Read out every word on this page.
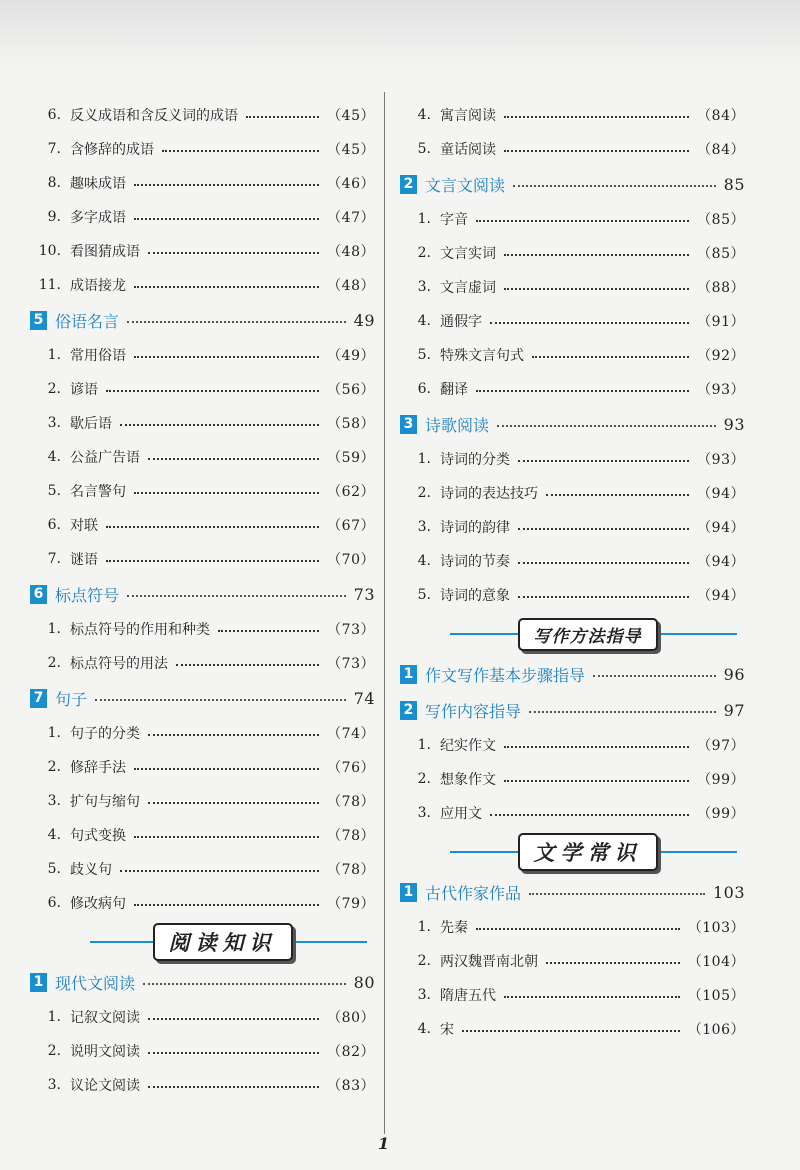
6. 反义成语和含反义词的成语	（45）
7. 含修辞的成语	（45）
8. 趣味成语	（46）
9. 多字成语	（47）
10. 看图猜成语	（48）
11. 成语接龙	（48）
5 俗语名言	49
1. 常用俗语	（49）
2. 谚语	（56）
3. 歇后语	（58）
4. 公益广告语	（59）
5. 名言警句	（62）
6. 对联	（67）
7. 谜语	（70）
6 标点符号	73
1. 标点符号的作用和种类	（73）
2. 标点符号的用法	（73）
7 句子	74
1. 句子的分类	（74）
2. 修辞手法	（76）
3. 扩句与缩句	（78）
4. 句式变换	（78）
5. 歧义句	（78）
6. 修改病句	（79）
阅读知识
1 现代文阅读	80
1. 记叙文阅读	（80）
2. 说明文阅读	（82）
3. 议论文阅读	（83）
4. 寓言阅读	（84）
5. 童话阅读	（84）
2 文言文阅读	85
1. 字音	（85）
2. 文言实词	（85）
3. 文言虚词	（88）
4. 通假字	（91）
5. 特殊文言句式	（92）
6. 翻译	（93）
3 诗歌阅读	93
1. 诗词的分类	（93）
2. 诗词的表达技巧	（94）
3. 诗词的韵律	（94）
4. 诗词的节奏	（94）
5. 诗词的意象	（94）
写作方法指导
1 作文写作基本步骤指导	96
2 写作内容指导	97
1. 纪实作文	（97）
2. 想象作文	（99）
3. 应用文	（99）
文学常识
1 古代作家作品	103
1. 先秦	（103）
2. 两汉魏晋南北朝	（104）
3. 隋唐五代	（105）
4. 宋	（106）
1
